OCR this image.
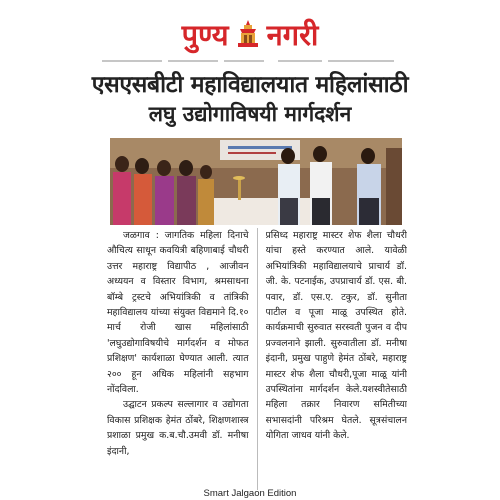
पुण्य नगरी
एसएसबीटी महाविद्यालयात महिलांसाठी
लघु उद्योगाविषयी मार्गदर्शन

जळगाव : जागतिक महिला दिनाचे औचित्य साधून कवयित्री बहिणाबाई चौधरी उत्तर महाराष्ट्र विद्यापीठ , आजीवन अध्ययन व विस्तार विभाग, श्रमसाधना बॉम्बे ट्रस्टचे अभियांत्रिकी व तांत्रिकी महाविद्यालय यांच्या संयुक्त विद्यमाने दि.१० मार्च रोजी खास महिलांसाठी 'लघुउद्योगाविषयीचे मार्गदर्शन व मोफत प्रशिक्षण' कार्यशाळा घेण्यात आली. त्यात २०० हून अधिक महिलांनी सहभाग नोंदविला.

उद्घाटन प्रकल्प सल्लागार व उद्योगता विकास प्रशिक्षक हेमंत ठोंबरे, शिक्षणशास्त्र प्रशाळा प्रमुख क.ब.चौ.उमवी डॉ. मनीषा इंदानी,

प्रसिध्द महाराष्ट्र मास्टर शेफ शैला चौधरी यांचा हस्ते करण्यात आले. यावेळी अभियांत्रिकी महाविद्यालयाचे प्राचार्य डॉ. जी. के. पटनाईक, उपप्राचार्य डॉ. एस. बी. पवार, डॉ. एस.ए. टकुर, डॉ. सुनीता पाटील व पूजा माळू उपस्थित होते. कार्यक्रमाची सुरुवात सरस्वती पुजन व दीप प्रज्वलनाने झाली. सुरुवातीला डॉ. मनीषा इंदानी, प्रमुख पाहुणे हेमंत ठोंबरे, महाराष्ट्र मास्टर शेफ शैला चौधरी,पूजा माळू यांनी उपस्थितांना मार्गदर्शन केले.यशस्वीतेसाठी महिला तक्रार निवारण समितीच्या सभासदांनी परिश्रम घेतले. सूत्रसंचालन योगिता जाधव यांनी केले.

Smart Jalgaon Edition
